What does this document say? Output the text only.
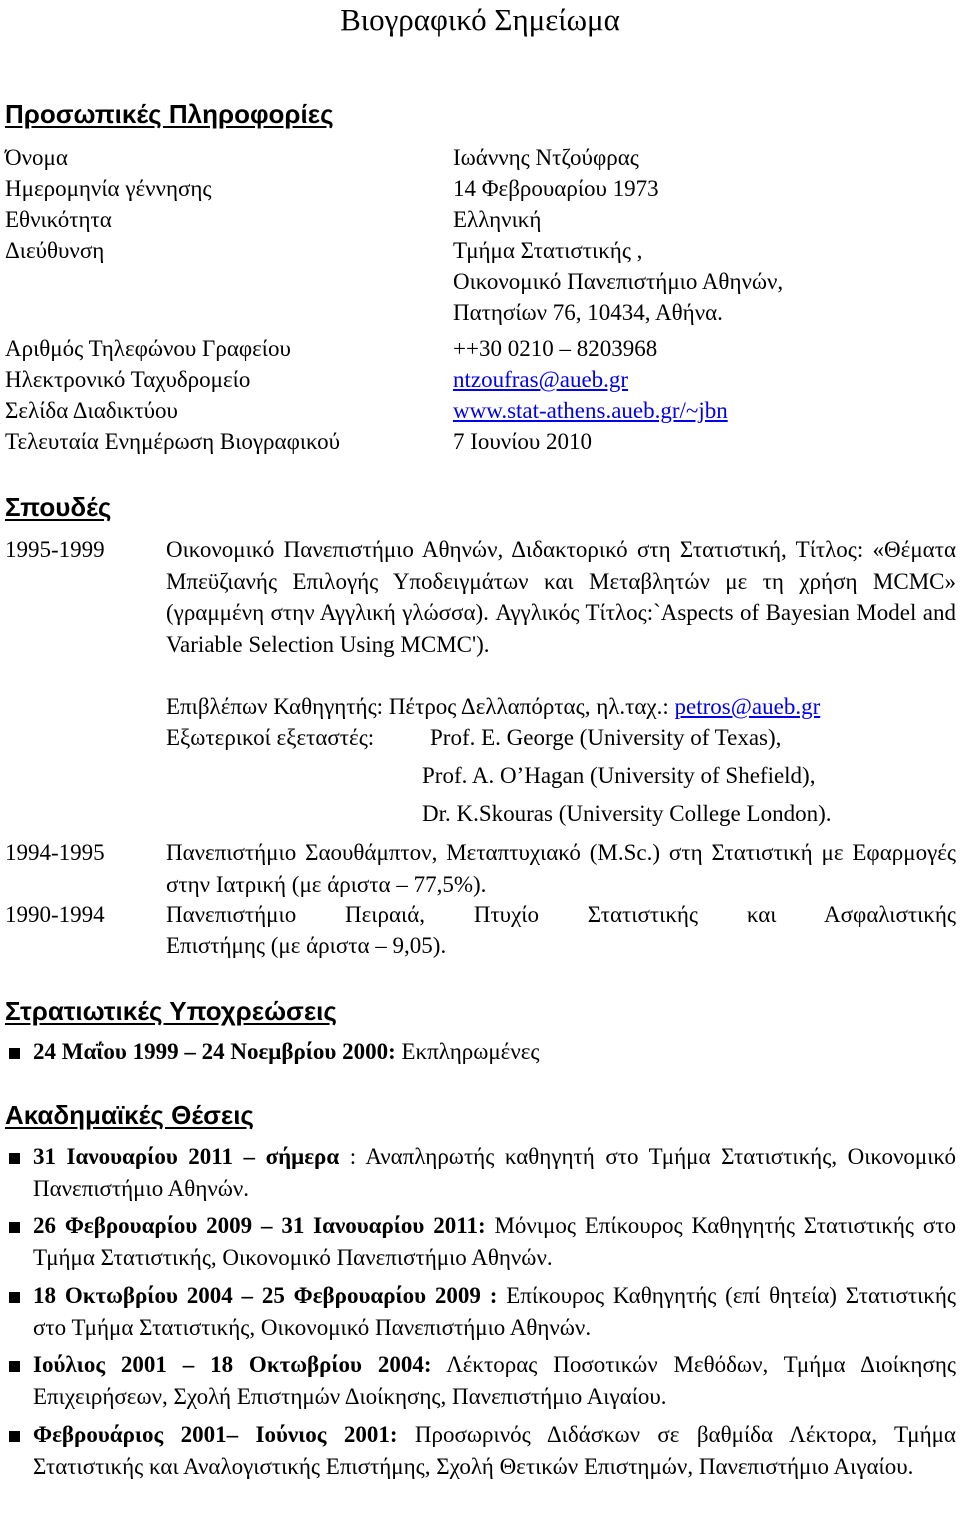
Βιογραφικό Σημείωμα
Προσωπικές Πληροφορίες
Όνομα	Ιωάννης Ντζούφρας
Ημερομηνία γέννησης	14 Φεβρουαρίου 1973
Εθνικότητα	Ελληνική
Διεύθυνση	Τμήμα Στατιστικής ,
Οικονομικό Πανεπιστήμιο Αθηνών,
Πατησίων 76, 10434, Αθήνα.
Αριθμός Τηλεφώνου Γραφείου	++30 0210 – 8203968
Ηλεκτρονικό Ταχυδρομείο	ntzoufras@aueb.gr
Σελίδα Διαδικτύου	www.stat-athens.aueb.gr/~jbn
Τελευταία Ενημέρωση Βιογραφικού	7 Ιουνίου 2010
Σπουδές
1995-1999	Οικονομικό Πανεπιστήμιο Αθηνών, Διδακτορικό στη Στατιστική, Τίτλος: «Θέματα Μπεϋζιανής Επιλογής Υποδειγμάτων και Μεταβλητών με τη χρήση MCMC» (γραμμένη στην Αγγλική γλώσσα). Αγγλικός Τίτλος:`Aspects of Bayesian Model and Variable Selection Using MCMC').
Επιβλέπων Καθηγητής: Πέτρος Δελλαπόρτας, ηλ.ταχ.: petros@aueb.gr
Εξωτερικοί εξεταστές: Prof. E. George (University of Texas),
Prof. A. O’Hagan (University of Shefield),
Dr. K.Skouras (University College London).
1994-1995	Πανεπιστήμιο Σαουθάμπτον, Μεταπτυχιακό (M.Sc.) στη Στατιστική με Εφαρμογές στην Ιατρική (με άριστα – 77,5%).
1990-1994	Πανεπιστήμιο Πειραιά, Πτυχίο Στατιστικής και Ασφαλιστικής
Επιστήμης (με άριστα – 9,05).
Στρατιωτικές Υποχρεώσεις
24 Μαΐου 1999 – 24 Νοεμβρίου 2000: Εκπληρωμένες
Ακαδημαϊκές Θέσεις
31 Ιανουαρίου 2011 – σήμερα : Αναπληρωτής καθηγητή στο Τμήμα Στατιστικής, Οικονομικό Πανεπιστήμιο Αθηνών.
26 Φεβρουαρίου 2009 – 31 Ιανουαρίου 2011: Μόνιμος Επίκουρος Καθηγητής Στατιστικής στο Τμήμα Στατιστικής, Οικονομικό Πανεπιστήμιο Αθηνών.
18 Οκτωβρίου 2004 – 25 Φεβρουαρίου 2009 : Επίκουρος Καθηγητής (επί θητεία) Στατιστικής στο Τμήμα Στατιστικής, Οικονομικό Πανεπιστήμιο Αθηνών.
Ιούλιος 2001 – 18 Οκτωβρίου 2004: Λέκτορας Ποσοτικών Μεθόδων, Τμήμα Διοίκησης Επιχειρήσεων, Σχολή Επιστημών Διοίκησης, Πανεπιστήμιο Αιγαίου.
Φεβρουάριος 2001– Ιούνιος 2001: Προσωρινός Διδάσκων σε βαθμίδα Λέκτορα, Τμήμα Στατιστικής και Αναλογιστικής Επιστήμης, Σχολή Θετικών Επιστημών, Πανεπιστήμιο Αιγαίου.
